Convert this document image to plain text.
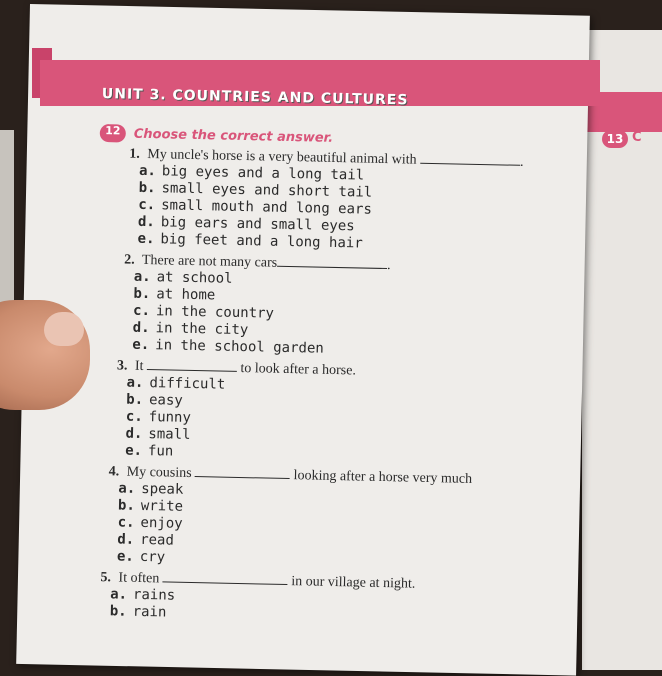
13 C
UNIT 3. COUNTRIES AND CULTURES
12 Choose the correct answer.
1. My uncle's horse is a very beautiful animal with	.
a. big eyes and a long tail
b. small eyes and short tail
c. small mouth and long ears
d. big ears and small eyes
e. big feet and a long hair
2. There are not many cars	.
a. at school
b. at home
c. in the country
d. in the city
e. in the school garden
3. It	to look after a horse.
a. difficult
b. easy
c. funny
d. small
e. fun
4. My cousins	looking after a horse very much
a. speak
b. write
c. enjoy
d. read
e. cry
5. It often	in our village at night.
a. rains
b. rain
